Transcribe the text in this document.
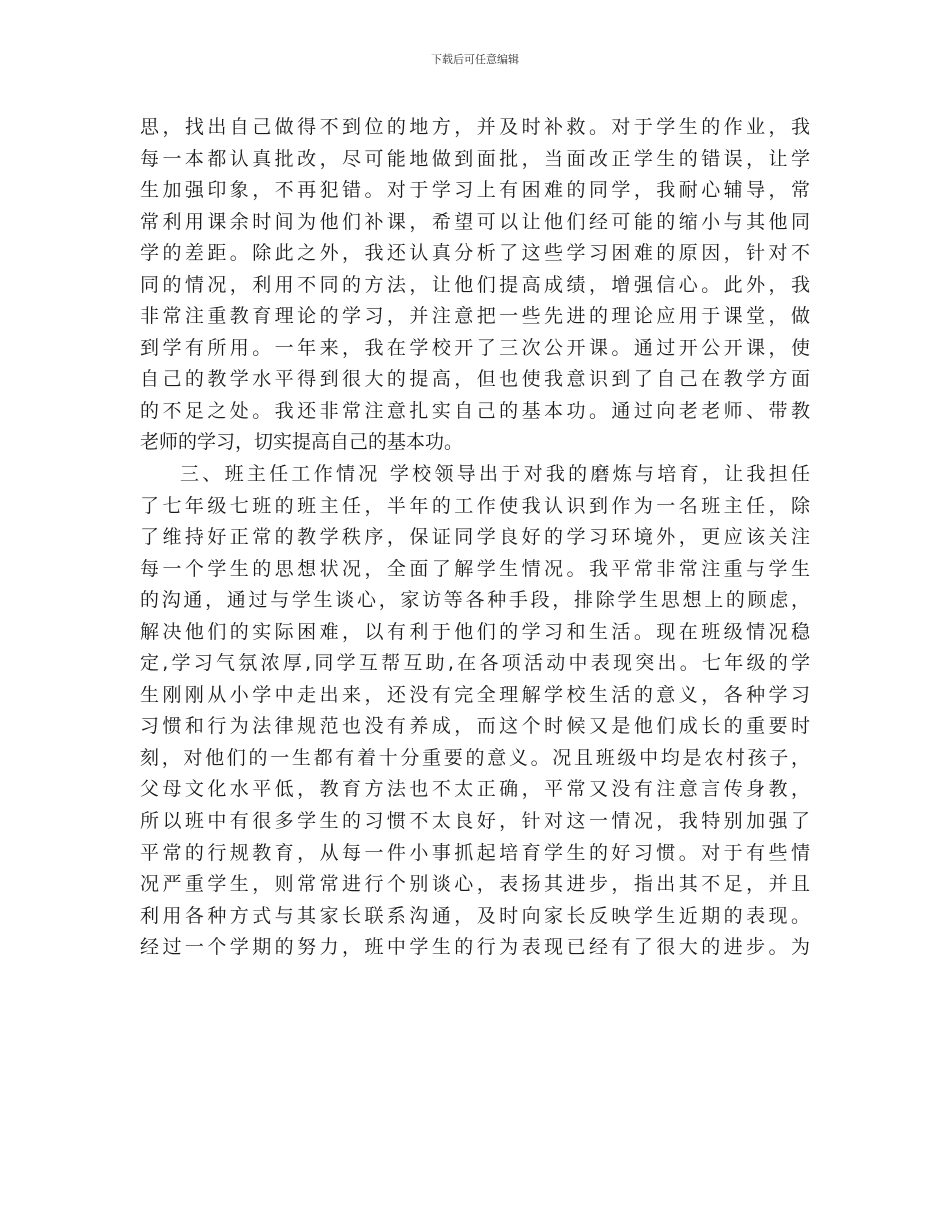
下载后可任意编辑
思，找出自己做得不到位的地方，并及时补救。对于学生的作业，我
每一本都认真批改，尽可能地做到面批，当面改正学生的错误，让学
生加强印象，不再犯错。对于学习上有困难的同学，我耐心辅导，常
常利用课余时间为他们补课，希望可以让他们经可能的缩小与其他同
学的差距。除此之外，我还认真分析了这些学习困难的原因，针对不
同的情况，利用不同的方法，让他们提高成绩，增强信心。此外，我
非常注重教育理论的学习，并注意把一些先进的理论应用于课堂，做
到学有所用。一年来，我在学校开了三次公开课。通过开公开课，使
自己的教学水平得到很大的提高，但也使我意识到了自己在教学方面
的不足之处。我还非常注意扎实自己的基本功。通过向老老师、带教
老师的学习，切实提高自己的基本功。
三、班主任工作情况 学校领导出于对我的磨炼与培育，让我担任
了七年级七班的班主任，半年的工作使我认识到作为一名班主任，除
了维持好正常的教学秩序，保证同学良好的学习环境外，更应该关注
每一个学生的思想状况，全面了解学生情况。我平常非常注重与学生
的沟通，通过与学生谈心，家访等各种手段，排除学生思想上的顾虑，
解决他们的实际困难，以有利于他们的学习和生活。现在班级情况稳
定,学习气氛浓厚,同学互帮互助,在各项活动中表现突出。七年级的学
生刚刚从小学中走出来，还没有完全理解学校生活的意义，各种学习
习惯和行为法律规范也没有养成，而这个时候又是他们成长的重要时
刻，对他们的一生都有着十分重要的意义。况且班级中均是农村孩子，
父母文化水平低，教育方法也不太正确，平常又没有注意言传身教，
所以班中有很多学生的习惯不太良好，针对这一情况，我特别加强了
平常的行规教育，从每一件小事抓起培育学生的好习惯。对于有些情
况严重学生，则常常进行个别谈心，表扬其进步，指出其不足，并且
利用各种方式与其家长联系沟通，及时向家长反映学生近期的表现。
经过一个学期的努力，班中学生的行为表现已经有了很大的进步。为
